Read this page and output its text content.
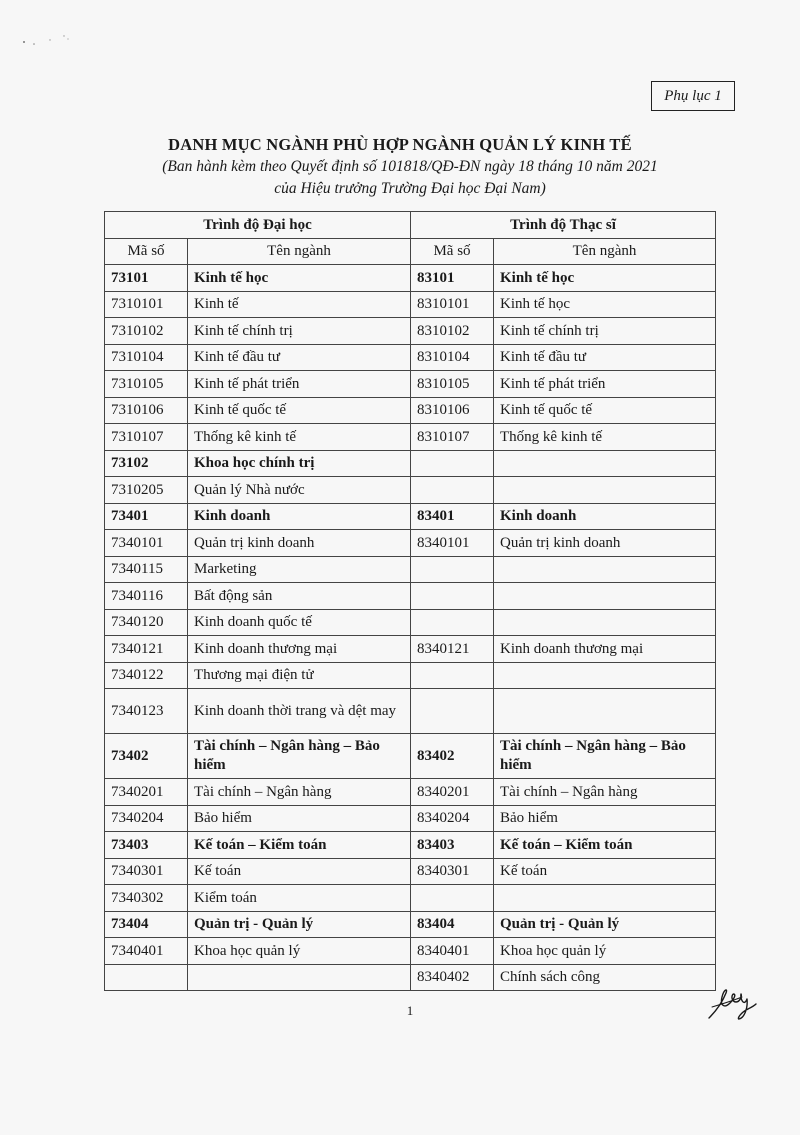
Phụ lục 1
DANH MỤC NGÀNH PHÙ HỢP NGÀNH QUẢN LÝ KINH TẾ
(Ban hành kèm theo Quyết định số 101818/QĐ-ĐN ngày 18 tháng 10 năm 2021
của Hiệu trưởng Trường Đại học Đại Nam)
Trình độ Đại học		Trình độ Thạc sĩ	
Mã số	Tên ngành	Mã số	Tên ngành
73101	Kinh tế học	83101	Kinh tế học
7310101	Kinh tế	8310101	Kinh tế học
7310102	Kinh tế chính trị	8310102	Kinh tế chính trị
7310104	Kinh tế đầu tư	8310104	Kinh tế đầu tư
7310105	Kinh tế phát triển	8310105	Kinh tế phát triển
7310106	Kinh tế quốc tế	8310106	Kinh tế quốc tế
7310107	Thống kê kinh tế	8310107	Thống kê kinh tế
73102	Khoa học chính trị		
7310205	Quản lý Nhà nước		
73401	Kinh doanh	83401	Kinh doanh
7340101	Quản trị kinh doanh	8340101	Quản trị kinh doanh
7340115	Marketing		
7340116	Bất động sản		
7340120	Kinh doanh quốc tế		
7340121	Kinh doanh thương mại	8340121	Kinh doanh thương mại
7340122	Thương mại điện tử		
7340123	Kinh doanh thời trang và dệt may		
73402	Tài chính – Ngân hàng – Bảo hiểm	83402	Tài chính – Ngân hàng – Bảo hiểm
7340201	Tài chính – Ngân hàng	8340201	Tài chính – Ngân hàng
7340204	Bảo hiểm	8340204	Bảo hiểm
73403	Kế toán – Kiểm toán	83403	Kế toán – Kiểm toán
7340301	Kế toán	8340301	Kế toán
7340302	Kiểm toán		
73404	Quản trị - Quản lý	83404	Quản trị - Quản lý
7340401	Khoa học quản lý	8340401	Khoa học quản lý
		8340402	Chính sách công
1
